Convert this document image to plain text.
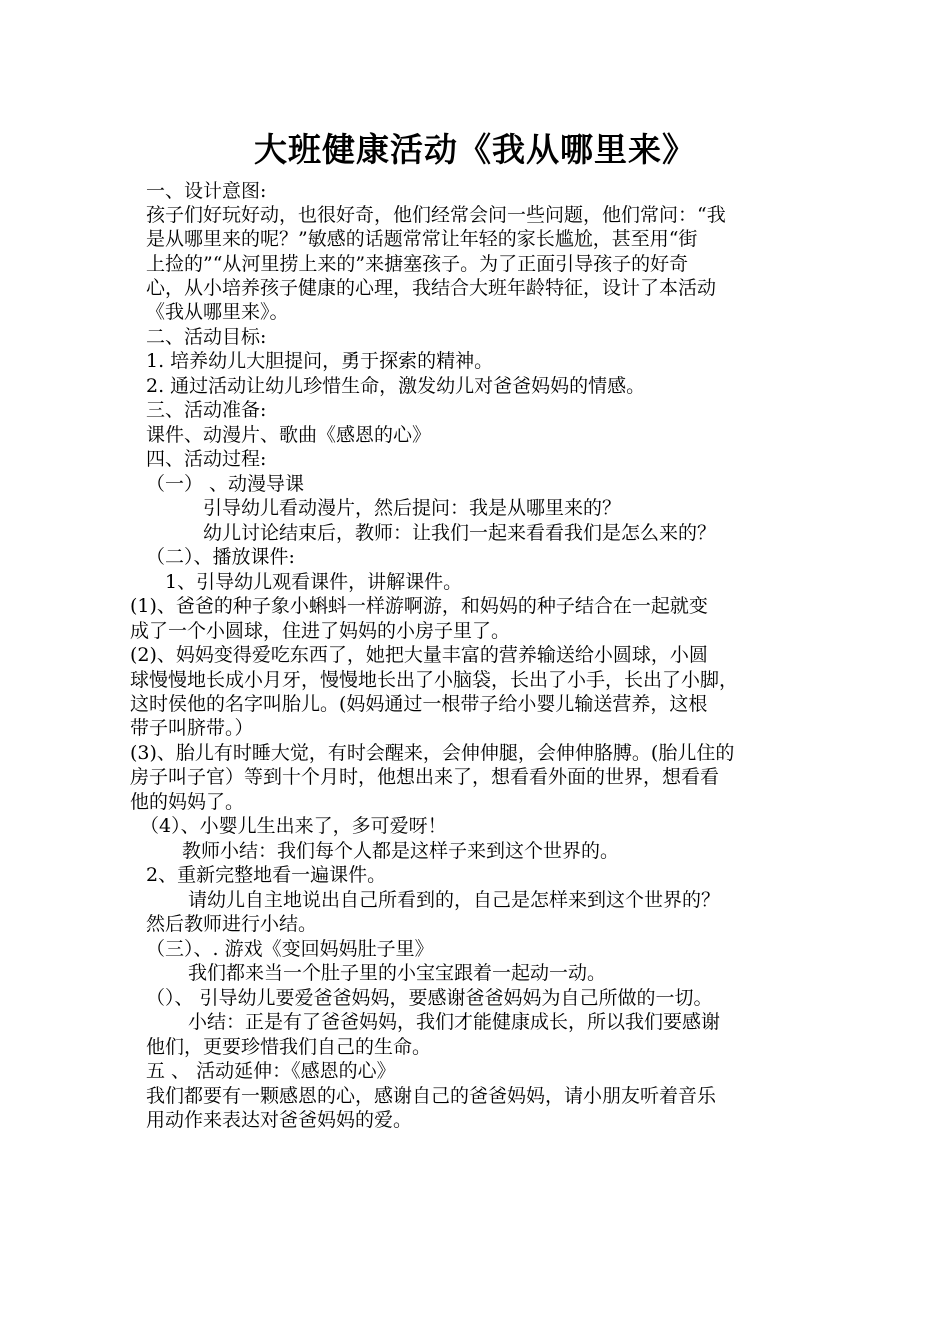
大班健康活动《我从哪里来》
一、设计意图:
孩子们好玩好动，也很好奇，他们经常会问一些问题，他们常问：“我
是从哪里来的呢？”敏感的话题常常让年轻的家长尴尬，甚至用“街
上捡的”“从河里捞上来的”来搪塞孩子。为了正面引导孩子的好奇
心，从小培养孩子健康的心理，我结合大班年龄特征，设计了本活动
《我从哪里来》。
二、活动目标:
1. 培养幼儿大胆提问，勇于探索的精神。
2. 通过活动让幼儿珍惜生命，激发幼儿对爸爸妈妈的情感。
三、活动准备:
课件、动漫片、歌曲《感恩的心》
四、活动过程:
（一） 、动漫导课
引导幼儿看动漫片，然后提问：我是从哪里来的？
幼儿讨论结束后，教师：让我们一起来看看我们是怎么来的？
（二）、播放课件:
1、引导幼儿观看课件，讲解课件。
(1)、爸爸的种子象小蝌蚪一样游啊游，和妈妈的种子结合在一起就变
成了一个小圆球，住进了妈妈的小房子里了。
(2)、妈妈变得爱吃东西了，她把大量丰富的营养输送给小圆球，小圆
球慢慢地长成小月牙，慢慢地长出了小脑袋，长出了小手，长出了小脚，
这时侯他的名字叫胎儿。(妈妈通过一根带子给小婴儿输送营养，这根
带子叫脐带。）
(3)、胎儿有时睡大觉，有时会醒来，会伸伸腿，会伸伸胳膊。(胎儿住的
房子叫子官）等到十个月时，他想出来了，想看看外面的世界，想看看
他的妈妈了。
（4）、小婴儿生出来了，多可爱呀！
教师小结：我们每个人都是这样子来到这个世界的。
2、重新完整地看一遍课件。
请幼儿自主地说出自己所看到的，自己是怎样来到这个世界的？
然后教师进行小结。
（三）、. 游戏《变回妈妈肚子里》
我们都来当一个肚子里的小宝宝跟着一起动一动。
（）、 引导幼儿要爱爸爸妈妈，要感谢爸爸妈妈为自己所做的一切。
小结：正是有了爸爸妈妈，我们才能健康成长，所以我们要感谢
他们，更要珍惜我们自己的生命。
五 、 活动延伸：《感恩的心》
我们都要有一颗感恩的心，感谢自己的爸爸妈妈，请小朋友听着音乐
用动作来表达对爸爸妈妈的爱。
